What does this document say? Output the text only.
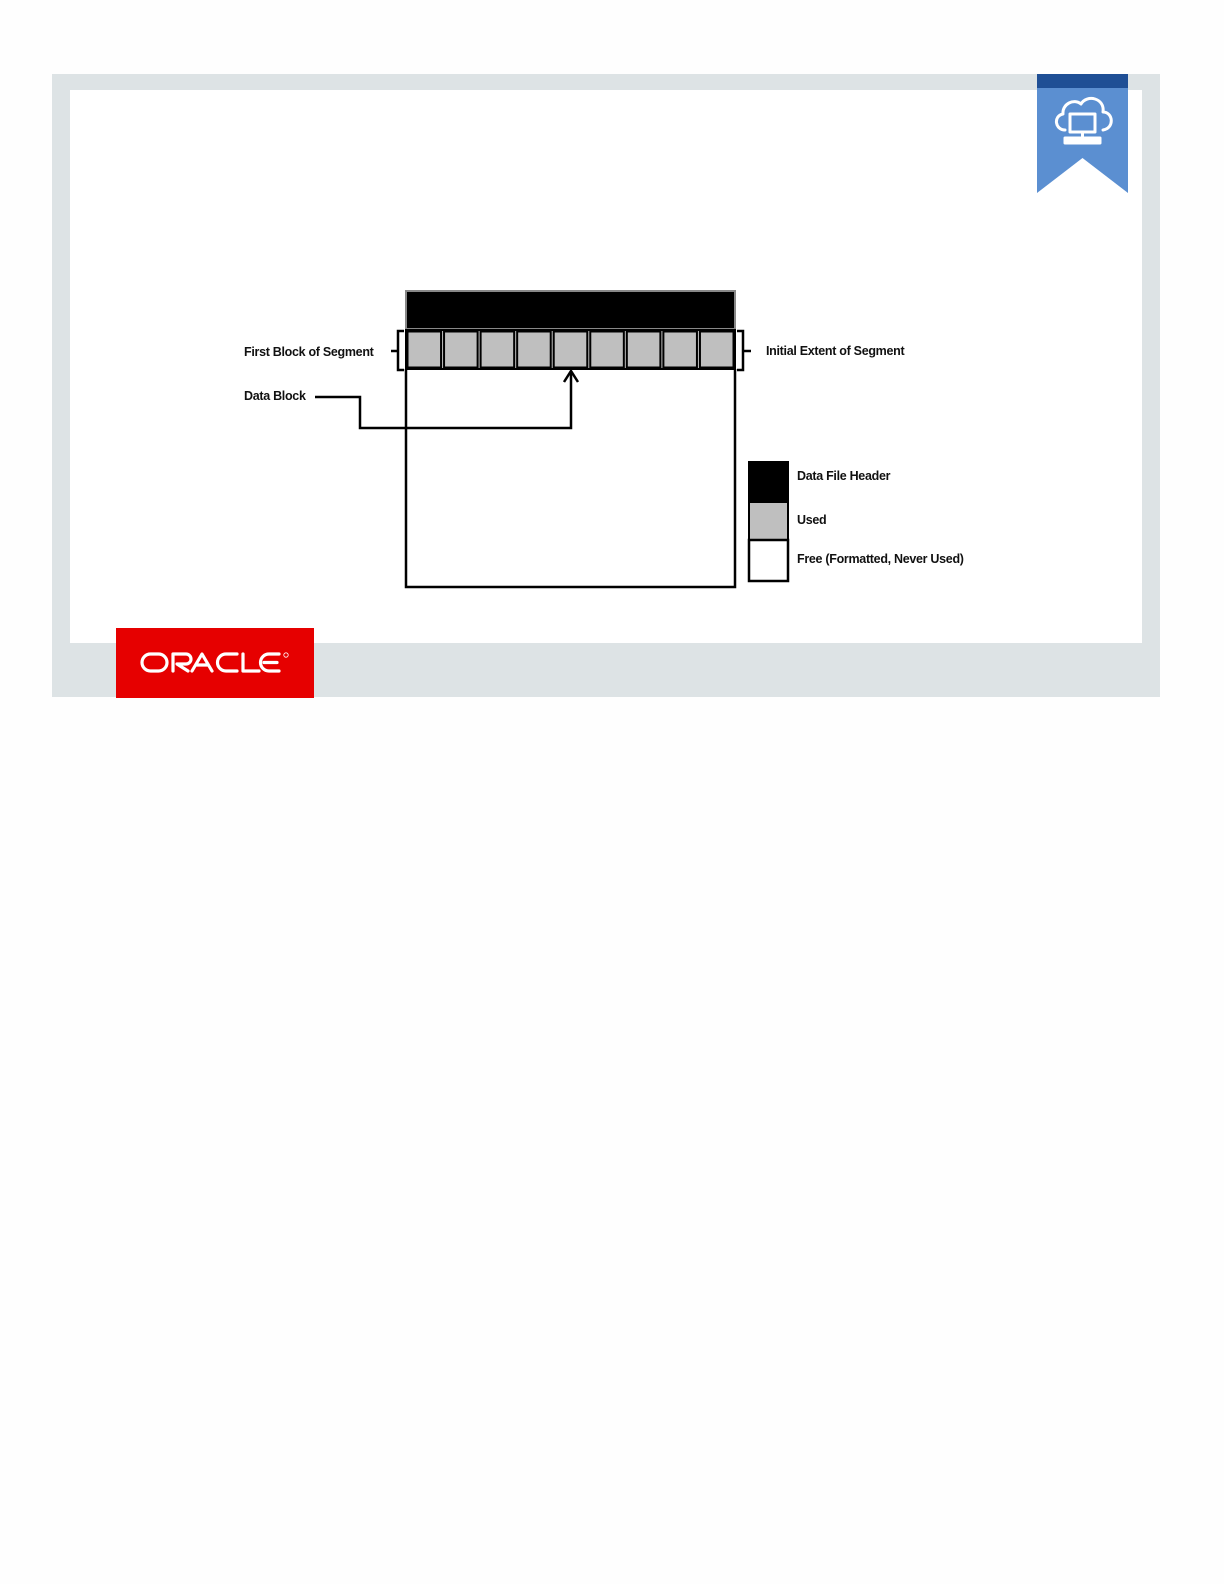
First Block of Segment
Data Block
Initial Extent of Segment
Data File Header
Used
Free (Formatted, Never Used)
